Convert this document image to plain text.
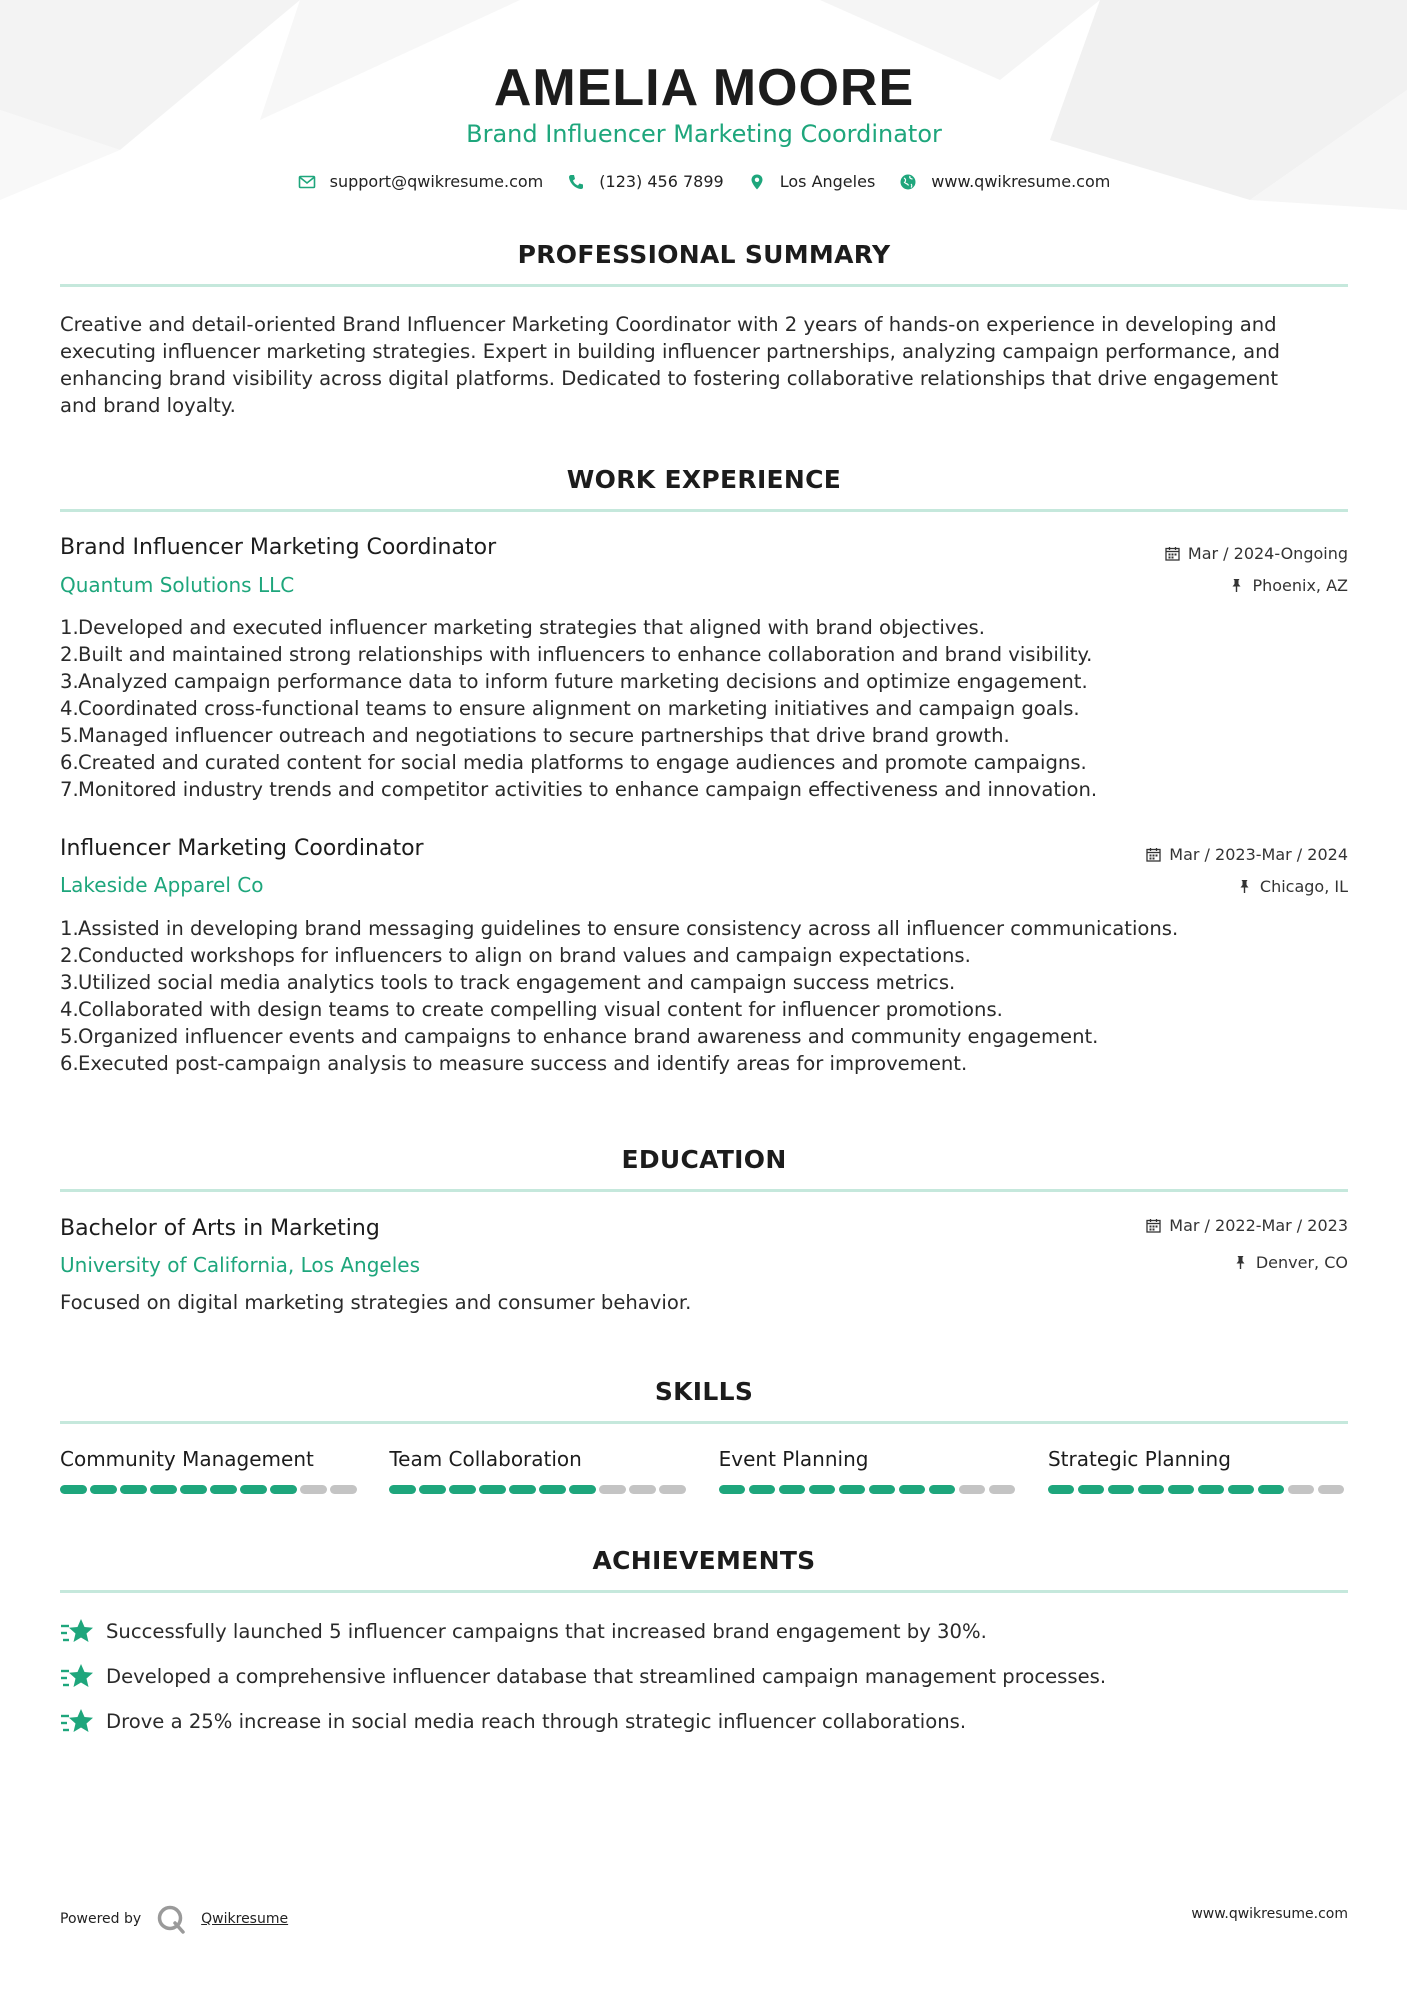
AMELIA MOORE
Brand Influencer Marketing Coordinator
support@qwikresume.com	(123) 456 7899	Los Angeles	www.qwikresume.com
PROFESSIONAL SUMMARY
Creative and detail-oriented Brand Influencer Marketing Coordinator with 2 years of hands-on experience in developing and
executing influencer marketing strategies. Expert in building influencer partnerships, analyzing campaign performance, and
enhancing brand visibility across digital platforms. Dedicated to fostering collaborative relationships that drive engagement
and brand loyalty.
WORK EXPERIENCE
Brand Influencer Marketing Coordinator	Mar / 2024-Ongoing
Quantum Solutions LLC	Phoenix, AZ
1. Developed and executed influencer marketing strategies that aligned with brand objectives.
2. Built and maintained strong relationships with influencers to enhance collaboration and brand visibility.
3. Analyzed campaign performance data to inform future marketing decisions and optimize engagement.
4. Coordinated cross-functional teams to ensure alignment on marketing initiatives and campaign goals.
5. Managed influencer outreach and negotiations to secure partnerships that drive brand growth.
6. Created and curated content for social media platforms to engage audiences and promote campaigns.
7. Monitored industry trends and competitor activities to enhance campaign effectiveness and innovation.
Influencer Marketing Coordinator	Mar / 2023-Mar / 2024
Lakeside Apparel Co	Chicago, IL
1. Assisted in developing brand messaging guidelines to ensure consistency across all influencer communications.
2. Conducted workshops for influencers to align on brand values and campaign expectations.
3. Utilized social media analytics tools to track engagement and campaign success metrics.
4. Collaborated with design teams to create compelling visual content for influencer promotions.
5. Organized influencer events and campaigns to enhance brand awareness and community engagement.
6. Executed post-campaign analysis to measure success and identify areas for improvement.
EDUCATION
Bachelor of Arts in Marketing	Mar / 2022-Mar / 2023
University of California, Los Angeles	Denver, CO
Focused on digital marketing strategies and consumer behavior.
SKILLS
Community Management	Team Collaboration	Event Planning	Strategic Planning
ACHIEVEMENTS
Successfully launched 5 influencer campaigns that increased brand engagement by 30%.
Developed a comprehensive influencer database that streamlined campaign management processes.
Drove a 25% increase in social media reach through strategic influencer collaborations.
Powered by	Qwikresume	www.qwikresume.com
